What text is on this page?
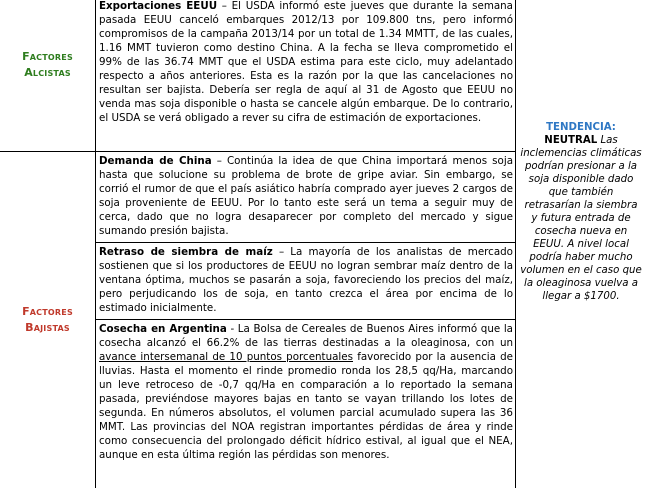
Factores
Alcistas
Factores
Bajistas
Exportaciones EEUU – El USDA informó este jueves que durante la semana pasada EEUU canceló embarques 2012/13 por 109.800 tns, pero informó compromisos de la campaña 2013/14 por un total de 1.34 MMTT, de las cuales, 1.16 MMT tuvieron como destino China. A la fecha se lleva comprometido el 99% de las 36.74 MMT que el USDA estima para este ciclo, muy adelantado respecto a años anteriores. Esta es la razón por la que las cancelaciones no resultan ser bajista. Debería ser regla de aquí al 31 de Agosto que EEUU no venda mas soja disponible o hasta se cancele algún embarque. De lo contrario, el USDA se verá obligado a rever su cifra de estimación de exportaciones.
Demanda de China – Continúa la idea de que China importará menos soja hasta que solucione su problema de brote de gripe aviar. Sin embargo, se corrió el rumor de que el país asiático habría comprado ayer jueves 2 cargos de soja proveniente de EEUU. Por lo tanto este será un tema a seguir muy de cerca, dado que no logra desaparecer por completo del mercado y sigue sumando presión bajista.
Retraso de siembra de maíz – La mayoría de los analistas de mercado sostienen que si los productores de EEUU no logran sembrar maíz dentro de la ventana óptima, muchos se pasarán a soja, favoreciendo los precios del maíz, pero perjudicando los de soja, en tanto crezca el área por encima de lo estimado inicialmente.
Cosecha en Argentina - La Bolsa de Cereales de Buenos Aires informó que la cosecha alcanzó el 66.2% de las tierras destinadas a la oleaginosa, con un avance intersemanal de 10 puntos porcentuales favorecido por la ausencia de lluvias. Hasta el momento el rinde promedio ronda los 28,5 qq/Ha, marcando un leve retroceso de -0,7 qq/Ha en comparación a lo reportado la semana pasada, previéndose mayores bajas en tanto se vayan trillando los lotes de segunda. En números absolutos, el volumen parcial acumulado supera las 36 MMT. Las provincias del NOA registran importantes pérdidas de área y rinde como consecuencia del prolongado déficit hídrico estival, al igual que el NEA, aunque en esta última región las pérdidas son menores.
TENDENCIA:
NEUTRAL Las inclemencias climáticas podrían presionar a la soja disponible dado que también retrasarían la siembra y futura entrada de cosecha nueva en EEUU. A nivel local podría haber mucho volumen en el caso que la oleaginosa vuelva a llegar a $1700.
